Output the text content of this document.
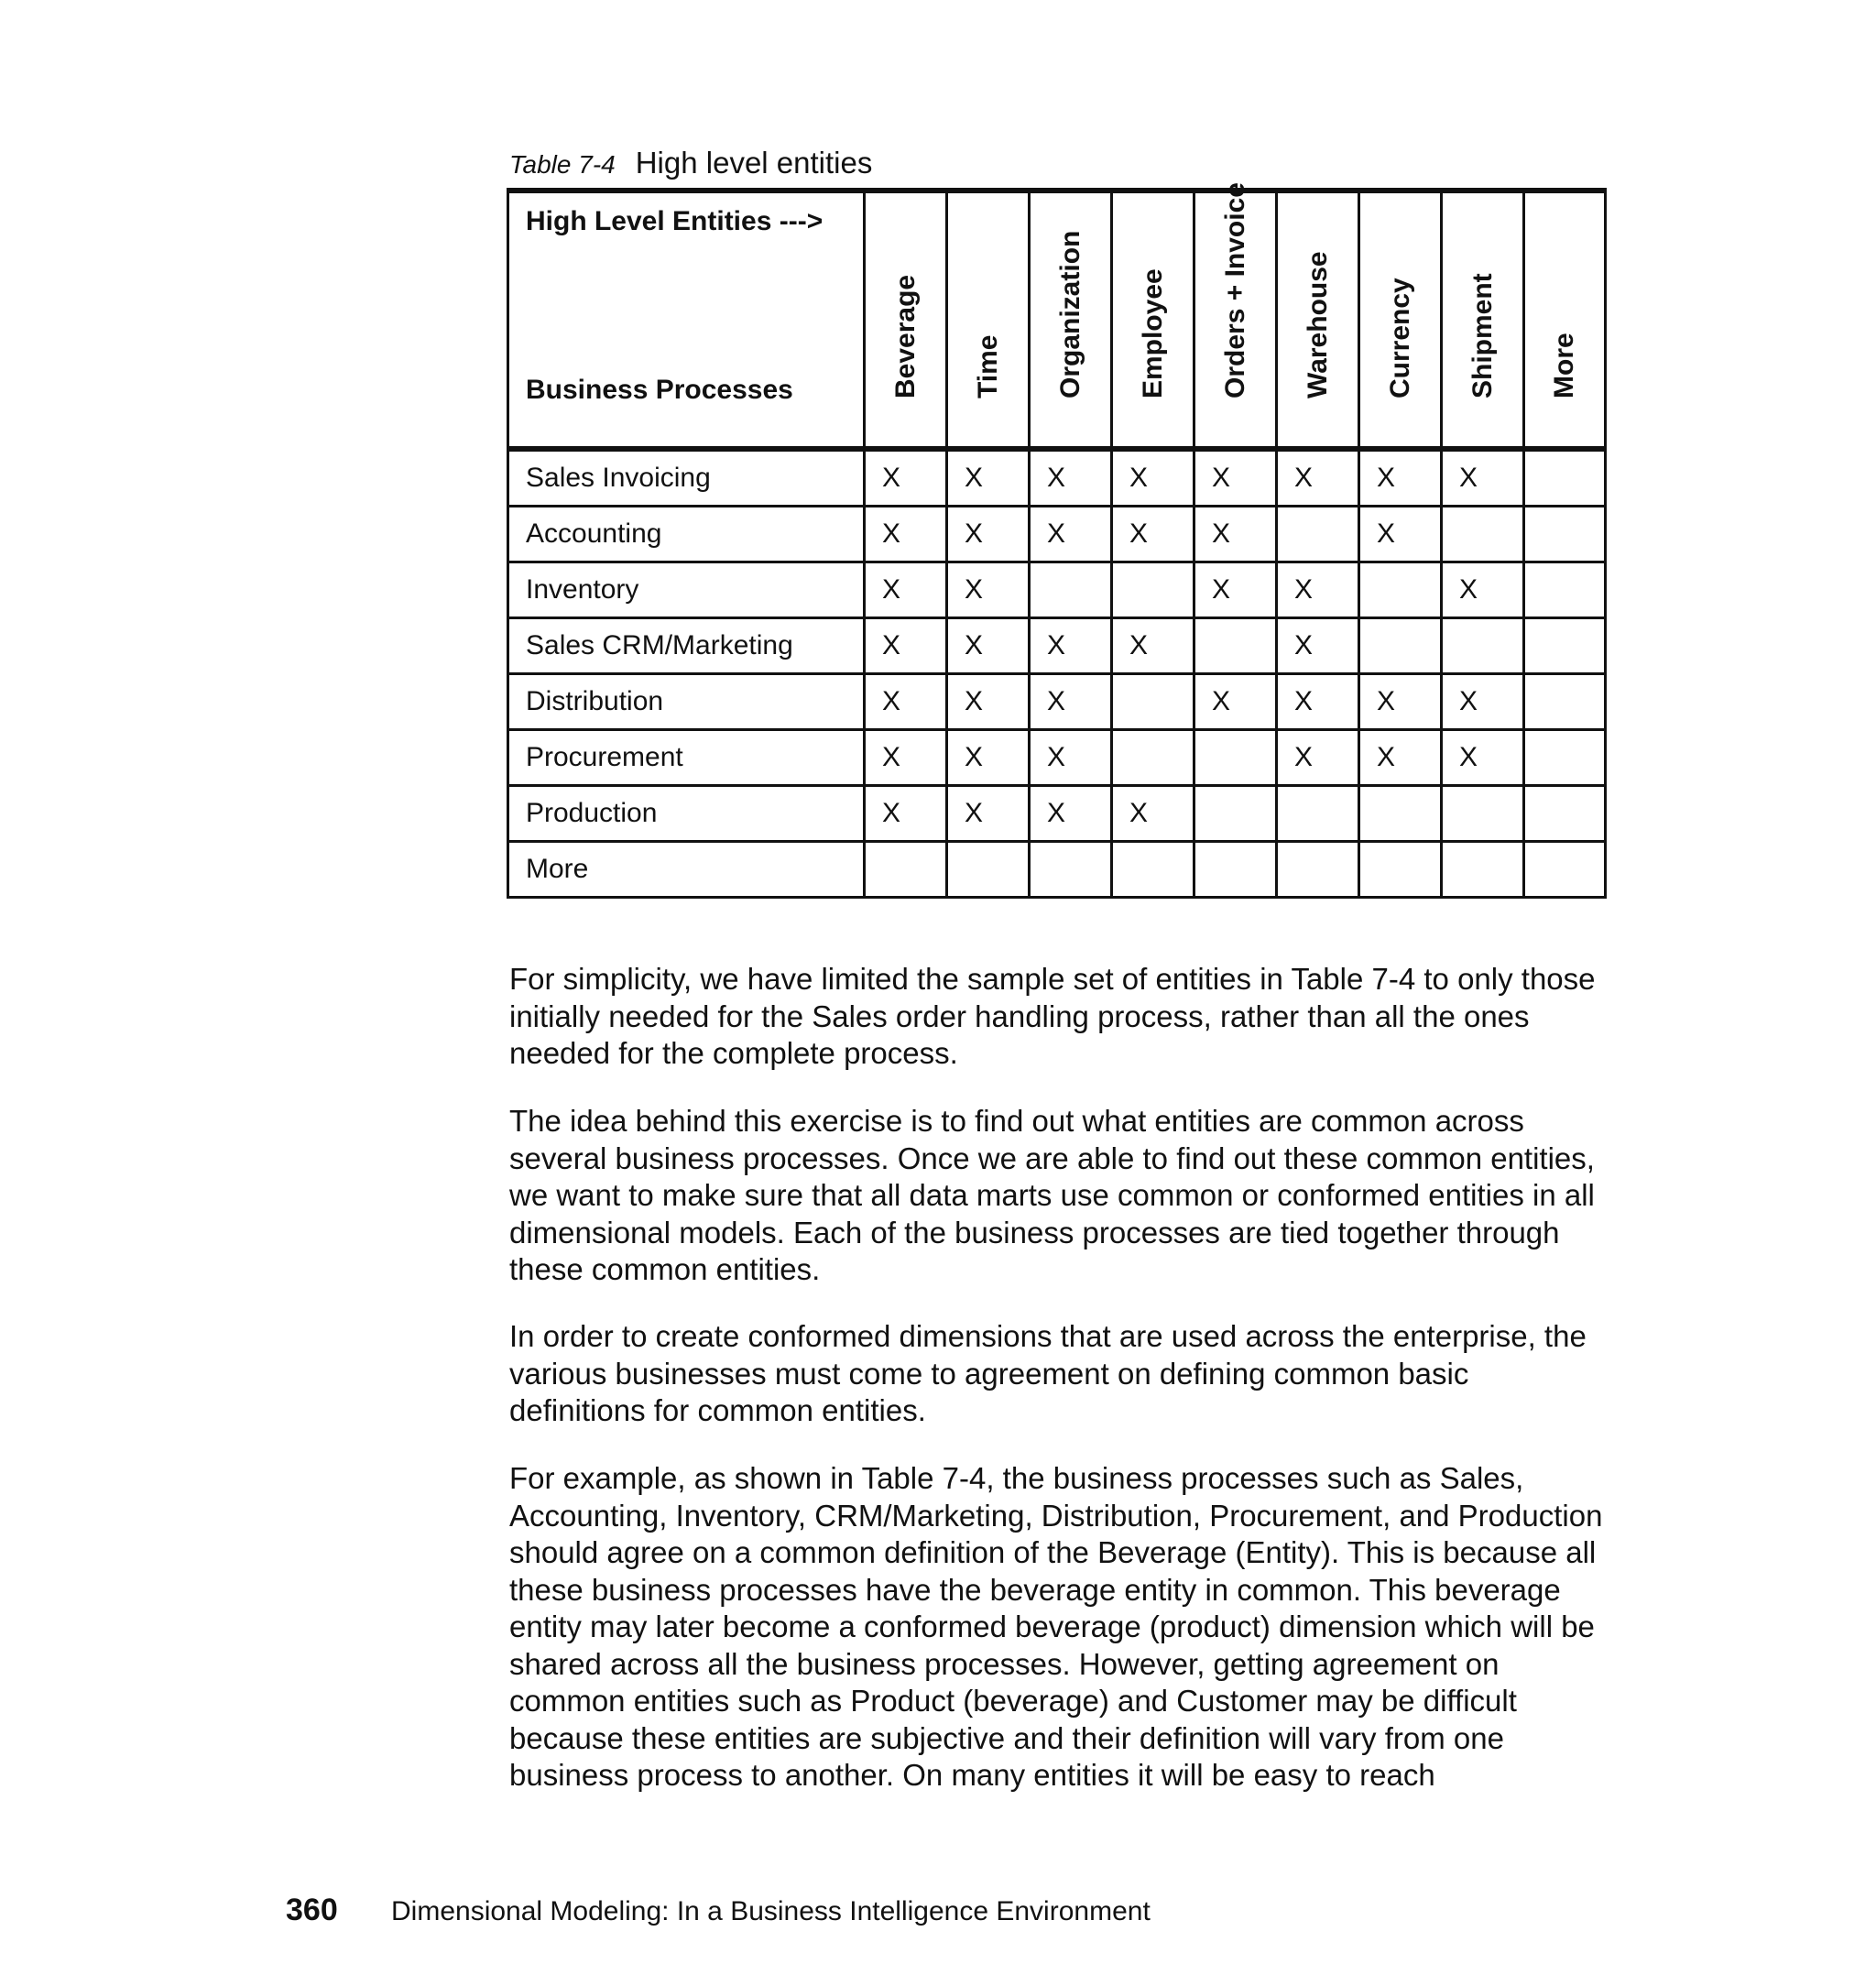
Table 7-4 High level entities
High Level Entities --->
Business Processes	Beverage	Time	Organization	Employee	Orders + Invoice	Warehouse	Currency	Shipment	More

Sales Invoicing	X	X	X	X	X	X	X	X	
Accounting	X	X	X	X	X		X		
Inventory	X	X			X	X		X	
Sales CRM/Marketing	X	X	X	X		X			
Distribution	X	X	X		X	X	X	X	
Procurement	X	X	X			X	X	X	
Production	X	X	X	X					
More									

For simplicity, we have limited the sample set of entities in Table 7-4 to only those initially needed for the Sales order handling process, rather than all the ones needed for the complete process.

The idea behind this exercise is to find out what entities are common across several business processes. Once we are able to find out these common entities, we want to make sure that all data marts use common or conformed entities in all dimensional models. Each of the business processes are tied together through these common entities.

In order to create conformed dimensions that are used across the enterprise, the various businesses must come to agreement on defining common basic definitions for common entities.

For example, as shown in Table 7-4, the business processes such as Sales, Accounting, Inventory, CRM/Marketing, Distribution, Procurement, and Production should agree on a common definition of the Beverage (Entity). This is because all these business processes have the beverage entity in common. This beverage entity may later become a conformed beverage (product) dimension which will be shared across all the business processes. However, getting agreement on common entities such as Product (beverage) and Customer may be difficult because these entities are subjective and their definition will vary from one business process to another. On many entities it will be easy to reach

360 Dimensional Modeling: In a Business Intelligence Environment
